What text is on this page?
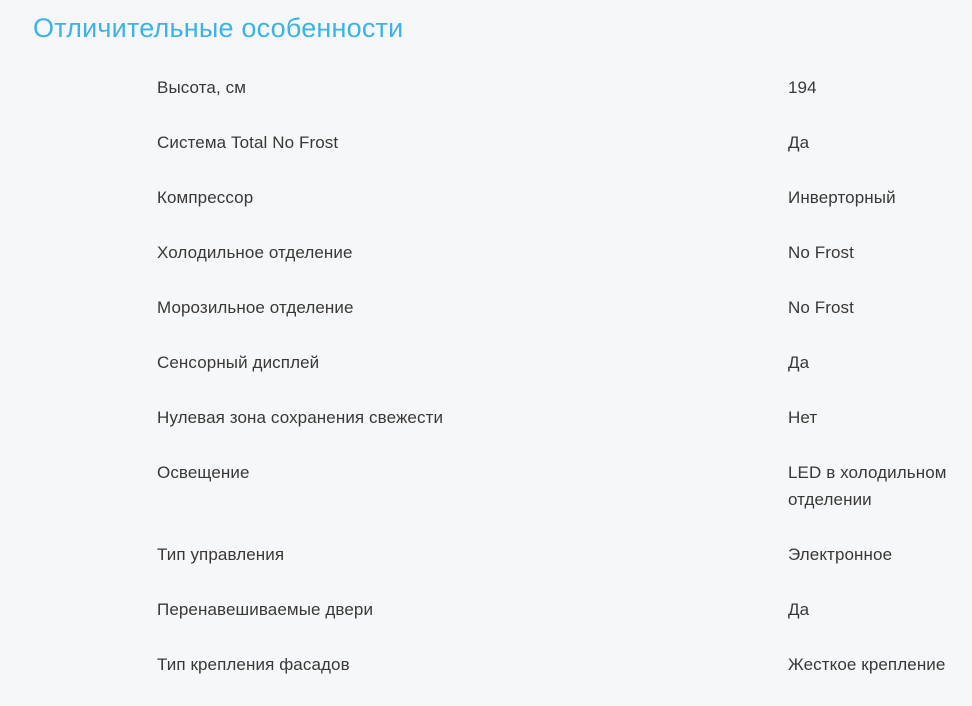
Отличительные особенности
Высота, см	194
Система Total No Frost	Да
Компрессор	Инверторный
Холодильное отделение	No Frost
Морозильное отделение	No Frost
Сенсорный дисплей	Да
Нулевая зона сохранения свежести	Нет
Освещение	LED в холодильном отделении
Тип управления	Электронное
Перенавешиваемые двери	Да
Тип крепления фасадов	Жесткое крепление
